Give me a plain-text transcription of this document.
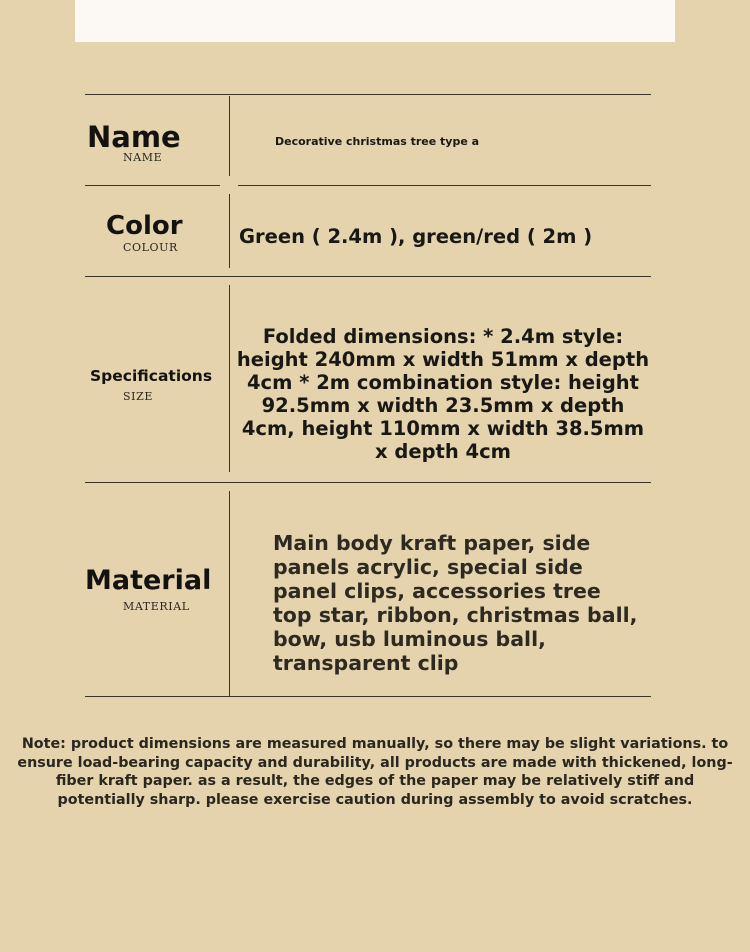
Name
NAME
Decorative christmas tree type a
Color
COLOUR	Green ( 2.4m ), green/red ( 2m )
Specifications
SIZE
Folded dimensions: * 2.4m style: height 240mm x width 51mm x depth 4cm * 2m combination style: height 92.5mm x width 23.5mm x depth 4cm, height 110mm x width 38.5mm x depth 4cm
Material
MATERIAL
Main body kraft paper, side panels acrylic, special side panel clips, accessories tree top star, ribbon, christmas ball, bow, usb luminous ball, transparent clip
Note: product dimensions are measured manually, so there may be slight variations. to ensure load-bearing capacity and durability, all products are made with thickened, long-fiber kraft paper. as a result, the edges of the paper may be relatively stiff and potentially sharp. please exercise caution during assembly to avoid scratches.
